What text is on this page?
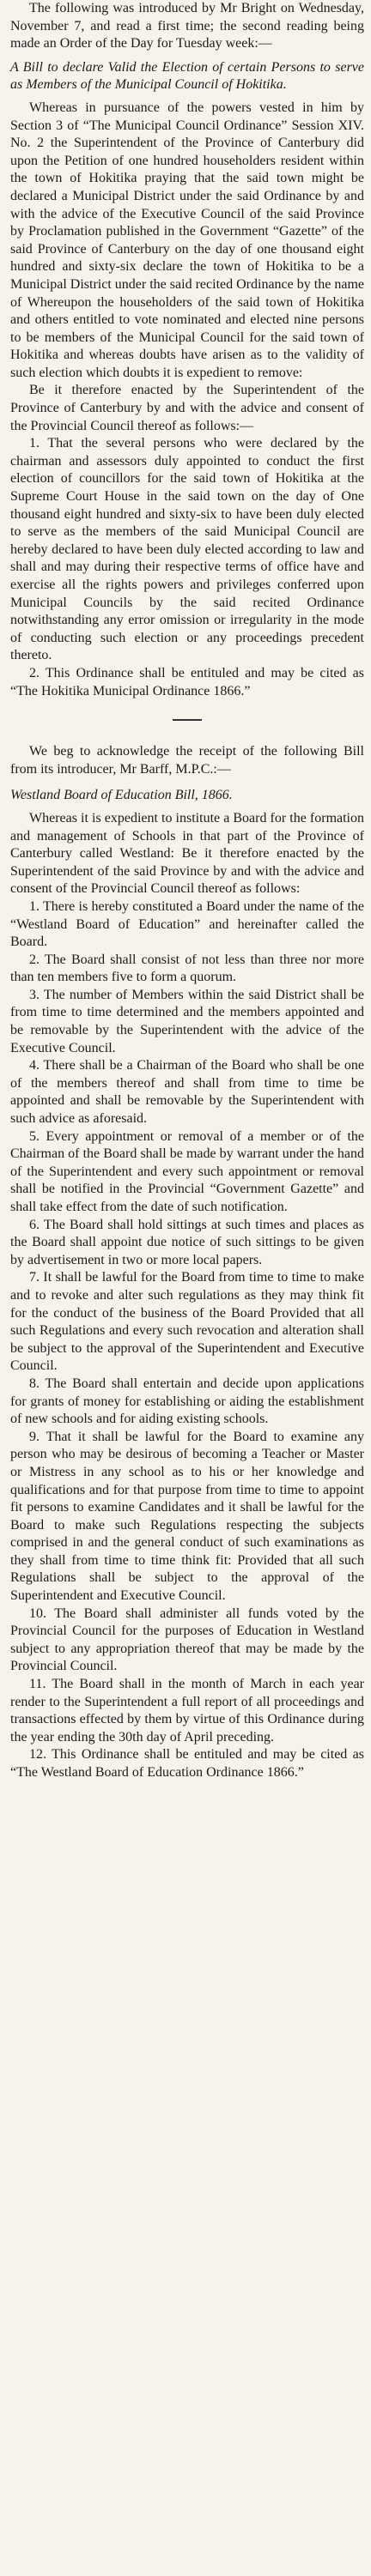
The following was introduced by Mr Bright on Wednesday, November 7, and read a first time; the second reading being made an Order of the Day for Tuesday week:—

A Bill to declare Valid the Election of certain Persons to serve as Members of the Municipal Council of Hokitika.

Whereas in pursuance of the powers vested in him by Section 3 of “The Municipal Council Ordinance” Session XIV. No. 2 the Superintendent of the Province of Canterbury did upon the Petition of one hundred householders resident within the town of Hokitika praying that the said town might be declared a Municipal District under the said Ordinance by and with the advice of the Executive Council of the said Province by Proclamation published in the Government “Gazette” of the said Province of Canterbury on the day of one thousand eight hundred and sixty-six declare the town of Hokitika to be a Municipal District under the said recited Ordinance by the name of Whereupon the householders of the said town of Hokitika and others entitled to vote nominated and elected nine persons to be members of the Municipal Council for the said town of Hokitika and whereas doubts have arisen as to the validity of such election which doubts it is expedient to remove:

Be it therefore enacted by the Superintendent of the Province of Canterbury by and with the advice and consent of the Provincial Council thereof as follows:—

1. That the several persons who were declared by the chairman and assessors duly appointed to conduct the first election of councillors for the said town of Hokitika at the Supreme Court House in the said town on the day of One thousand eight hundred and sixty-six to have been duly elected to serve as the members of the said Municipal Council are hereby declared to have been duly elected according to law and shall and may during their respective terms of office have and exercise all the rights powers and privileges conferred upon Municipal Councils by the said recited Ordinance notwithstanding any error omission or irregularity in the mode of conducting such election or any proceedings precedent thereto.

2. This Ordinance shall be entituled and may be cited as “The Hokitika Municipal Ordinance 1866.”

We beg to acknowledge the receipt of the following Bill from its introducer, Mr Barff, M.P.C.:—

Westland Board of Education Bill, 1866.

Whereas it is expedient to institute a Board for the formation and management of Schools in that part of the Province of Canterbury called Westland: Be it therefore enacted by the Superintendent of the said Province by and with the advice and consent of the Provincial Council thereof as follows:

1. There is hereby constituted a Board under the name of the “Westland Board of Education” and hereinafter called the Board.

2. The Board shall consist of not less than three nor more than ten members five to form a quorum.

3. The number of Members within the said District shall be from time to time determined and the members appointed and be removable by the Superintendent with the advice of the Executive Council.

4. There shall be a Chairman of the Board who shall be one of the members thereof and shall from time to time be appointed and shall be removable by the Superintendent with such advice as aforesaid.

5. Every appointment or removal of a member or of the Chairman of the Board shall be made by warrant under the hand of the Superintendent and every such appointment or removal shall be notified in the Provincial “Government Gazette” and shall take effect from the date of such notification.

6. The Board shall hold sittings at such times and places as the Board shall appoint due notice of such sittings to be given by advertisement in two or more local papers.

7. It shall be lawful for the Board from time to time to make and to revoke and alter such regulations as they may think fit for the conduct of the business of the Board Provided that all such Regulations and every such revocation and alteration shall be subject to the approval of the Superintendent and Executive Council.

8. The Board shall entertain and decide upon applications for grants of money for establishing or aiding the establishment of new schools and for aiding existing schools.

9. That it shall be lawful for the Board to examine any person who may be desirous of becoming a Teacher or Master or Mistress in any school as to his or her knowledge and qualifications and for that purpose from time to time to appoint fit persons to examine Candidates and it shall be lawful for the Board to make such Regulations respecting the subjects comprised in and the general conduct of such examinations as they shall from time to time think fit: Provided that all such Regulations shall be subject to the approval of the Superintendent and Executive Council.

10. The Board shall administer all funds voted by the Provincial Council for the purposes of Education in Westland subject to any appropriation thereof that may be made by the Provincial Council.

11. The Board shall in the month of March in each year render to the Superintendent a full report of all proceedings and transactions effected by them by virtue of this Ordinance during the year ending the 30th day of April preceding.

12. This Ordinance shall be entituled and may be cited as “The Westland Board of Education Ordinance 1866.”
